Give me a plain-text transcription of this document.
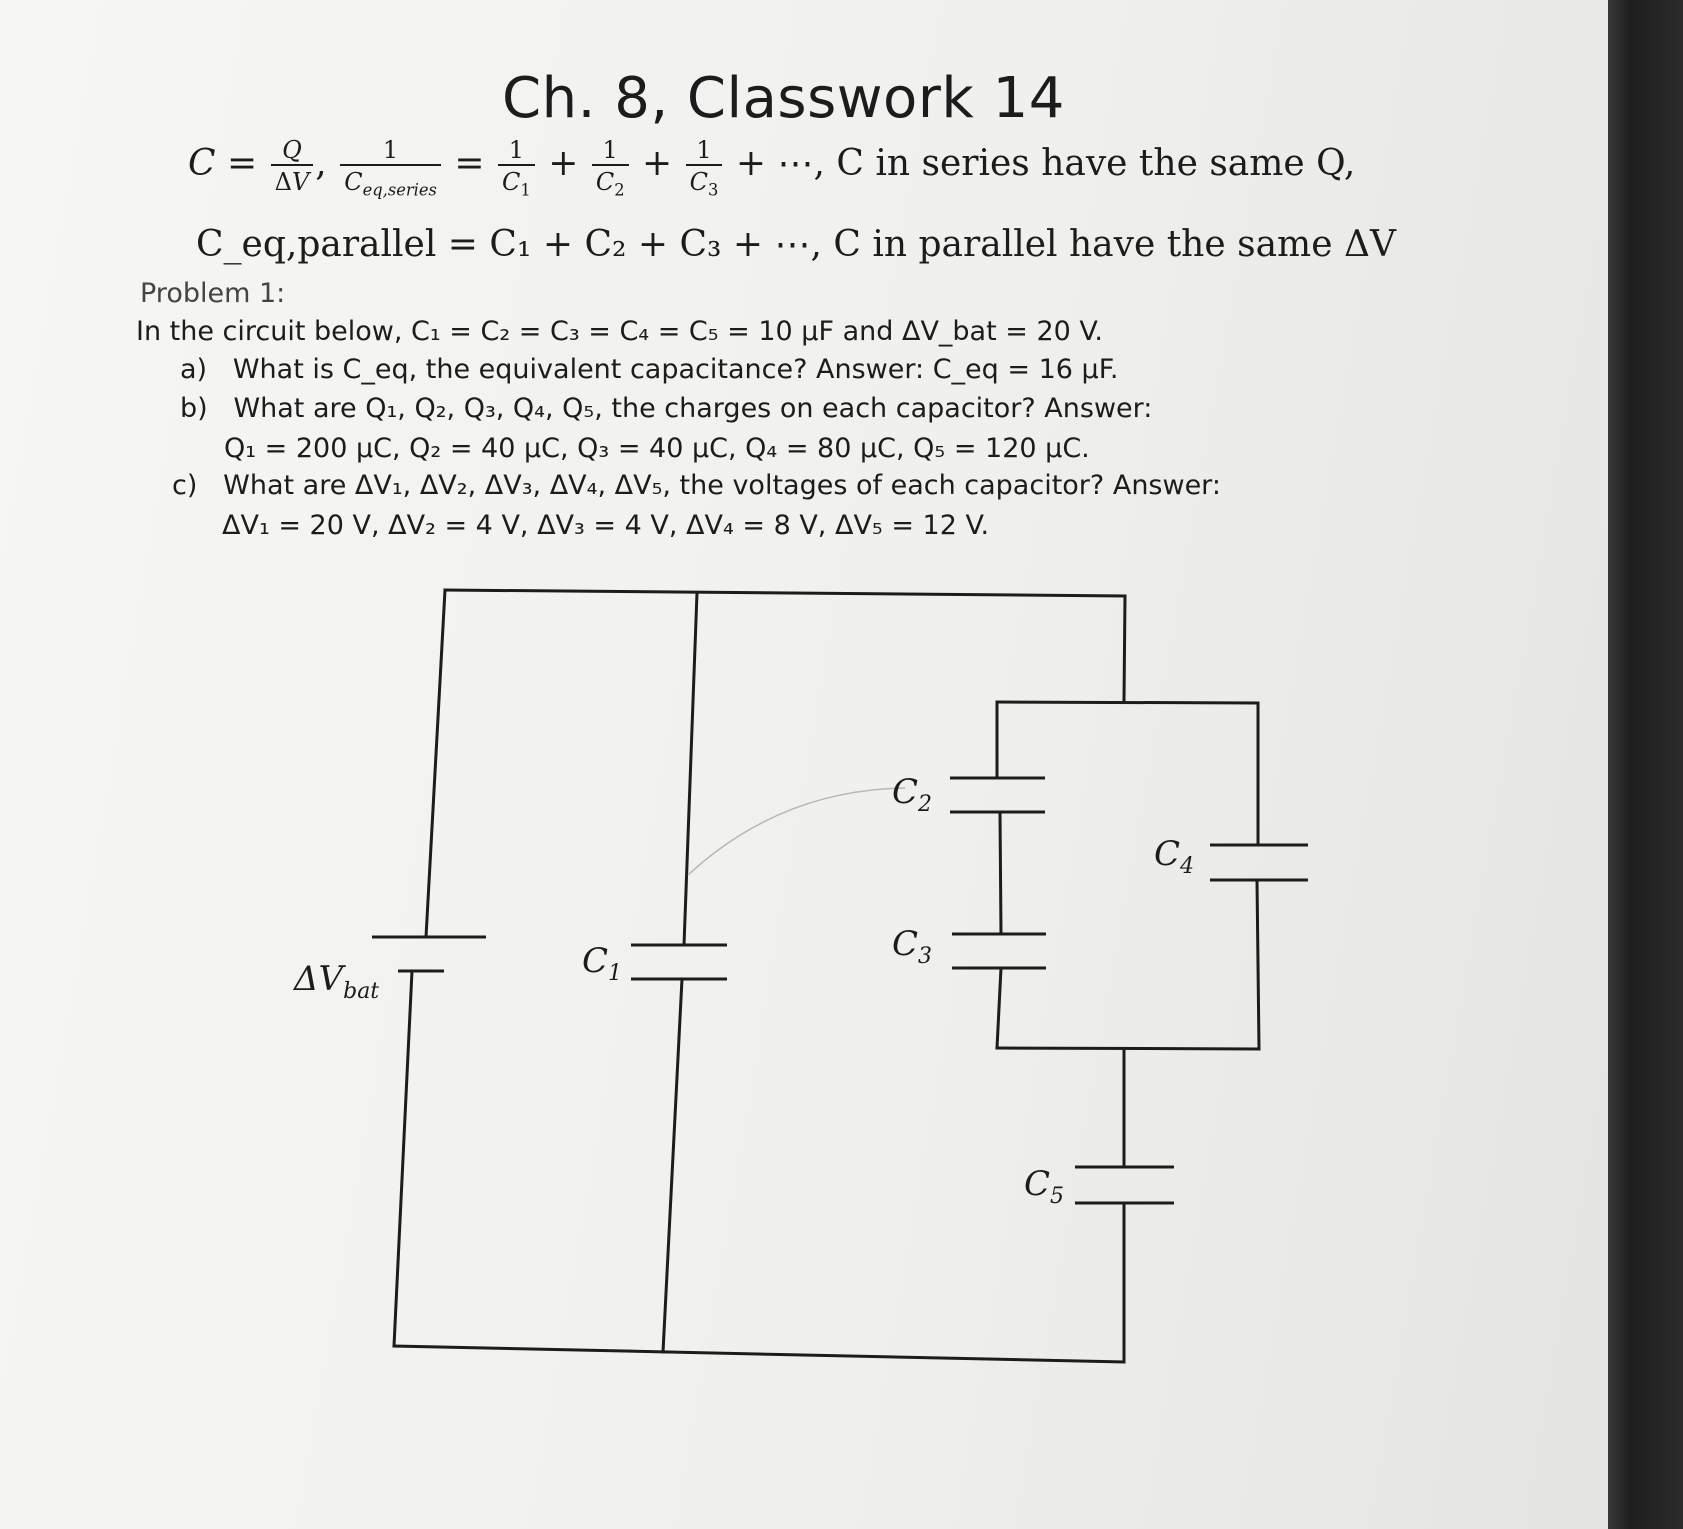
Ch. 8, Classwork 14
$C = \frac{Q}{\Delta V}$ , $\frac{1}{C_{eq,series}} = \frac{1}{C_1} + \frac{1}{C_2} + \frac{1}{C_3}$ + ⋯, C in series have the same Q,
C_eq,parallel = C₁ + C₂ + C₃ + ⋯, C in parallel have the same ΔV
Problem 1:
In the circuit below, C₁ = C₂ = C₃ = C₄ = C₅ = 10 μF and ΔV_bat = 20 V.
a) What is C_eq, the equivalent capacitance? Answer: C_eq = 16 μF.
b) What are Q₁, Q₂, Q₃, Q₄, Q₅, the charges on each capacitor? Answer:
Q₁ = 200 μC, Q₂ = 40 μC, Q₃ = 40 μC, Q₄ = 80 μC, Q₅ = 120 μC.
c) What are ΔV₁, ΔV₂, ΔV₃, ΔV₄, ΔV₅, the voltages of each capacitor? Answer:
ΔV₁ = 20 V, ΔV₂ = 4 V, ΔV₃ = 4 V, ΔV₄ = 8 V, ΔV₅ = 12 V.
$\Delta V_{bat}$
$C_1$
$C_2$
$C_3$
$C_4$
$C_5$
